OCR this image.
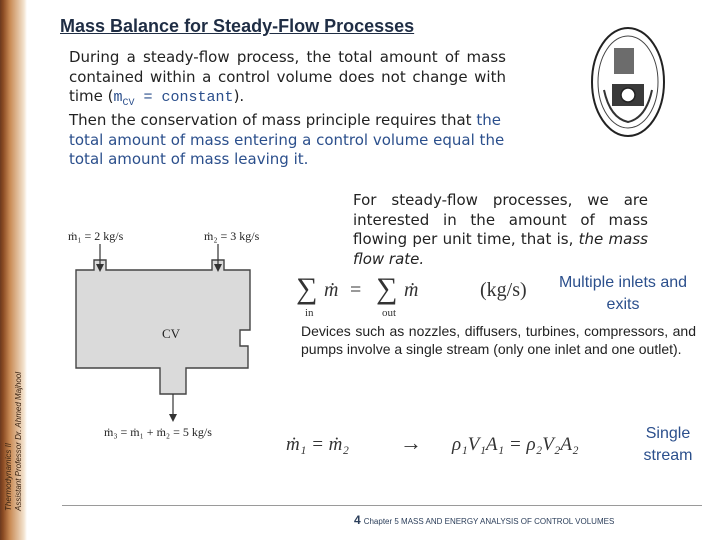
Thermodynamics II Assistant Professor Dr. Ahmed Majhool
Mass Balance for Steady-Flow Processes
During a steady-flow process, the total amount of mass contained within a control volume does not change with time ($m_{CV}$ = constant).
Then the conservation of mass principle requires that the total amount of mass entering a control volume equal the total amount of mass leaving it.
For steady-flow processes, we are interested in the amount of mass flowing per unit time, that is, the mass flow rate.
ṁ₁ = 2 kg/s	ṁ₂ = 3 kg/s
CV
ṁ₃ = ṁ₁ + ṁ₂ = 5 kg/s
∑ ṁ = ∑ ṁ
in	out
(kg/s)	Multiple inlets and exits
Devices such as nozzles, diffusers, turbines, compressors, and pumps involve a single stream (only one inlet and one outlet).
ṁ₁ = ṁ₂ → ρ₁V₁A₁ = ρ₂V₂A₂
Single stream
4 Chapter 5 MASS AND ENERGY ANALYSIS OF CONTROL VOLUMES
